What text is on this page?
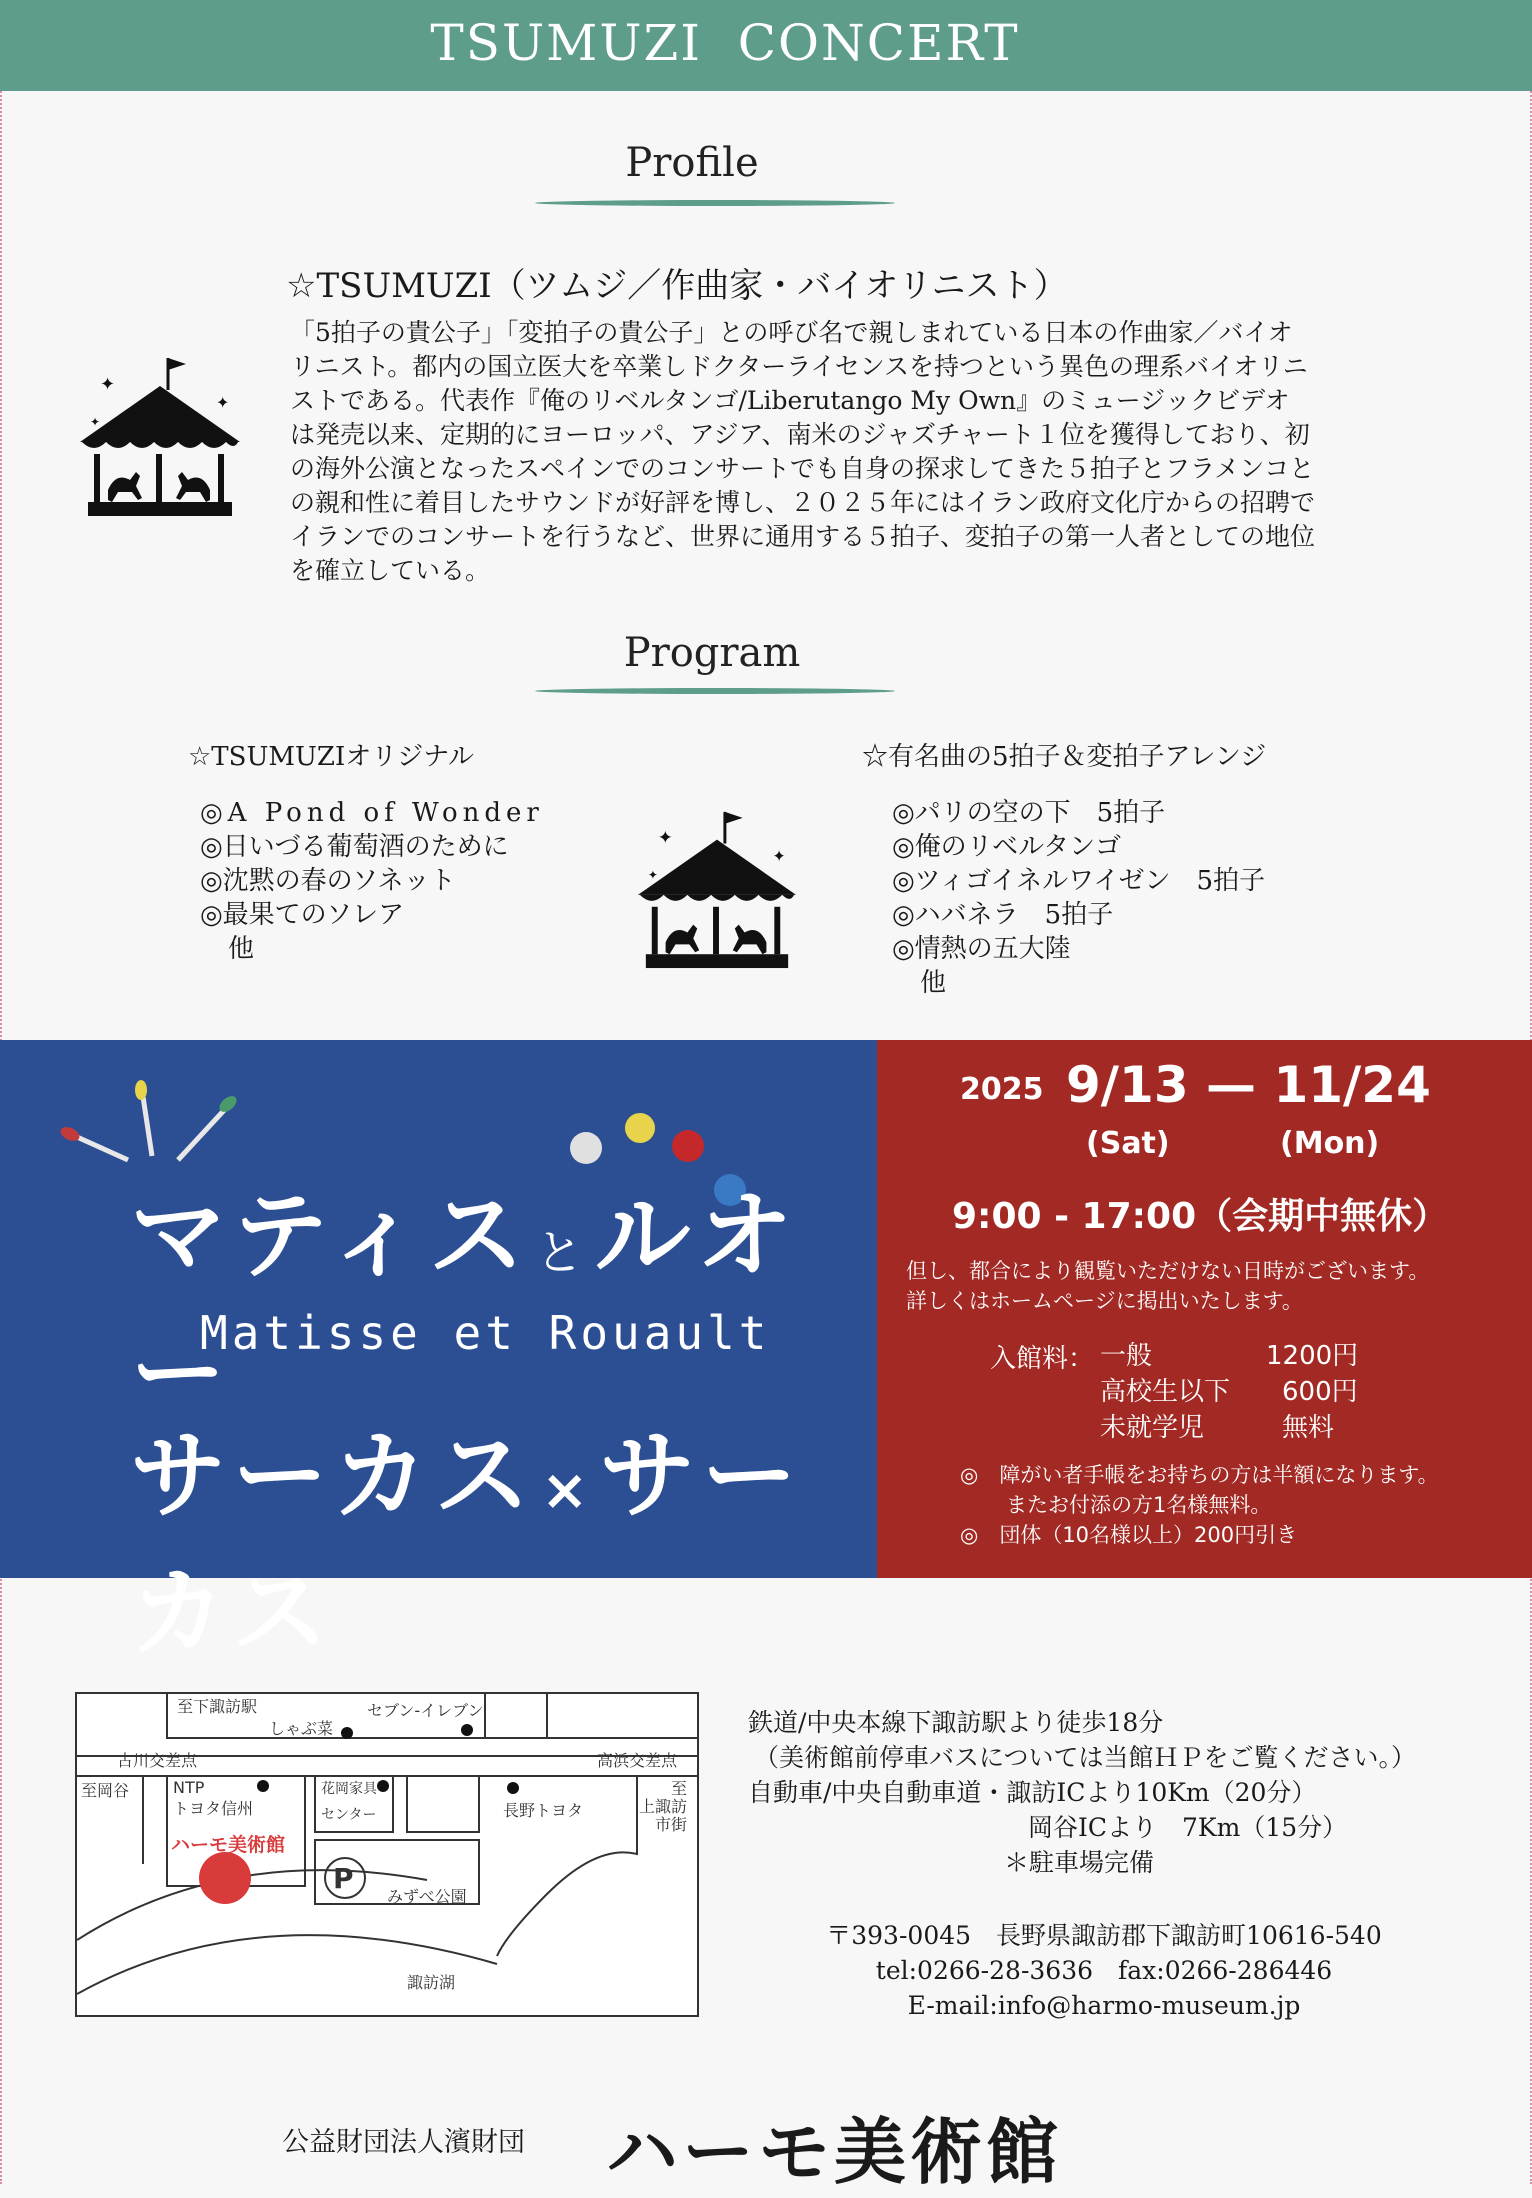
TSUMUZI  CONCERT
Profile
☆TSUMUZI（ツムジ／作曲家・バイオリニスト）
✦
✦
✦
「5拍子の貴公子」「変拍子の貴公子」との呼び名で親しまれている日本の作曲家／バイオ
リニスト。都内の国立医大を卒業しドクターライセンスを持つという異色の理系バイオリニ
ストである。代表作『俺のリベルタンゴ/Liberutango My Own』のミュージックビデオ
は発売以来、定期的にヨーロッパ、アジア、南米のジャズチャート１位を獲得しており、初
の海外公演となったスペインでのコンサートでも自身の探求してきた５拍子とフラメンコと
の親和性に着目したサウンドが好評を博し、２０２５年にはイラン政府文化庁からの招聘で
イランでのコンサートを行うなど、世界に通用する５拍子、変拍子の第一人者としての地位
を確立している。
Program
☆TSUMUZIオリジナル
◎A Pond of Wonder
◎日いづる葡萄酒のために
◎沈黙の春のソネット
◎最果てのソレア
他
✦
✦
✦
☆有名曲の5拍子＆変拍子アレンジ
◎パリの空の下　5拍子
◎俺のリベルタンゴ
◎ツィゴイネルワイゼン　5拍子
◎ハバネラ　5拍子
◎情熱の五大陸
他
マティス と ルオー
Matisse et Rouault
サーカス × サーカス
2025 9/13 — 11/24
(Sat)	(Mon)
9:00 - 17:00（会期中無休）
但し、都合により観覧いただけない日時がございます。
詳しくはホームページに掲出いたします。
入館料： 一般	1200円
高校生以下 600円
未就学児	無料
◎　障がい者手帳をお持ちの方は半額になります。
またお付添の方1名様無料。
◎　団体（10名様以上）200円引き
至下諏訪駅
しゃぶ菜
セブン-イレブン
古川交差点	高浜交差点
至岡谷	NTP
トヨタ信州
花岡家具
センター	長野トヨタ
至
上諏訪
市街
ハーモ美術館
P
みずべ公園
諏訪湖
鉄道/中央本線下諏訪駅より徒歩18分
（美術館前停車バスについては当館ＨＰをご覧ください。）
自動車/中央自動車道・諏訪ICより10Km（20分）
岡谷ICより　7Km（15分）
＊駐車場完備
〒393-0045　長野県諏訪郡下諏訪町10616-540
tel:0266-28-3636　fax:0266-286446
E-mail:info@harmo-museum.jp
公益財団法人濱財団 ハーモ美術館
